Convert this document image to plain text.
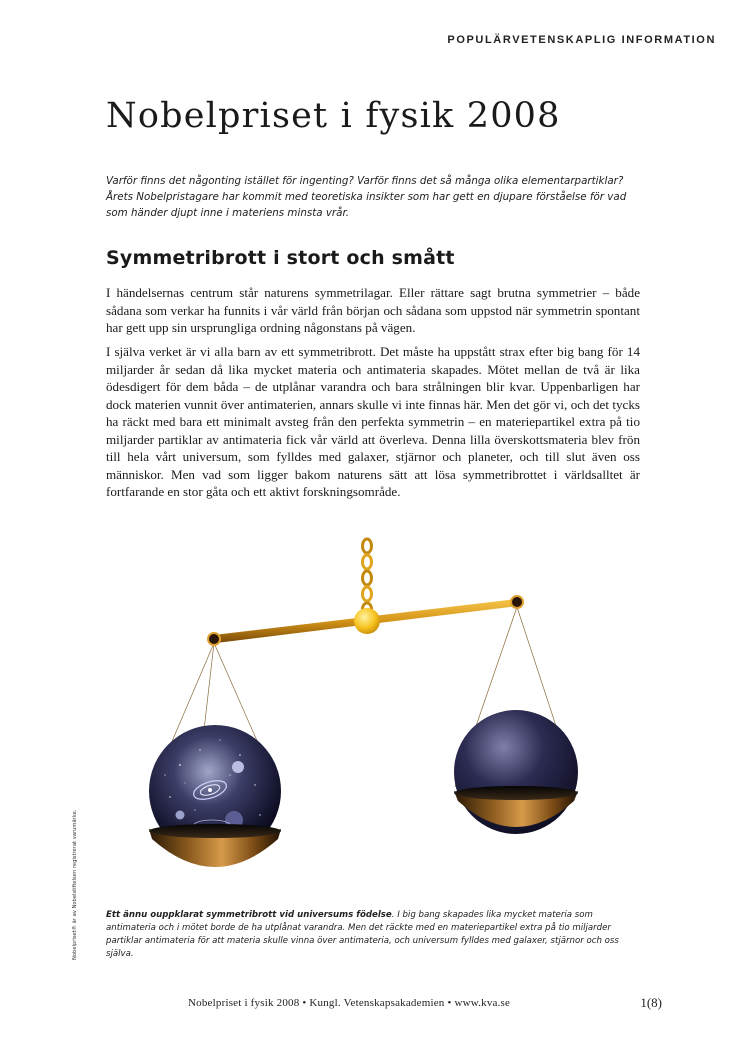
POPULÄRVETENSKAPLIG INFORMATION
Nobelpriset i fysik 2008

Varför finns det någonting istället för ingenting? Varför finns det så många olika elementarpartiklar? Årets Nobelpristagare har kommit med teoretiska insikter som har gett en djupare förståelse för vad som händer djupt inne i materiens minsta vrår.

Symmetribrott i stort och smått

I händelsernas centrum står naturens symmetrilagar. Eller rättare sagt brutna symmetrier – både sådana som verkar ha funnits i vår värld från början och sådana som uppstod när symmetrin spontant har gett upp sin ursprungliga ordning någonstans på vägen.

I själva verket är vi alla barn av ett symmetribrott. Det måste ha uppstått strax efter big bang för 14 miljarder år sedan då lika mycket materia och antimateria skapades. Mötet mellan de två är lika ödesdigert för dem båda – de utplånar varandra och bara strålningen blir kvar. Uppenbarligen har dock materien vunnit över antimaterien, annars skulle vi inte finnas här. Men det gör vi, och det tycks ha räckt med bara ett minimalt avsteg från den perfekta symmetrin – en materiepartikel extra på tio miljarder partiklar av antimateria fick vår värld att överleva. Denna lilla överskottsmateria blev frön till hela vårt universum, som fylldes med galaxer, stjärnor och planeter, och till slut även oss människor. Men vad som ligger bakom naturens sätt att lösa symmetribrottet i världsalltet är fortfarande en stor gåta och ett aktivt forskningsområde.

Nobelpriset® är av Nobelstiftelsen registrerat varumärke.	Ett ännu ouppklarat symmetribrott vid universums födelse. I big bang skapades lika mycket materia som antimateria och i mötet borde de ha utplånat varandra. Men det räckte med en materiepartikel extra på tio miljarder partiklar antimateria för att materia skulle vinna över antimateria, och universum fylldes med galaxer, stjärnor och oss själva.

Nobelpriset i fysik 2008 • Kungl. Vetenskapsakademien • www.kva.se	1(8)
